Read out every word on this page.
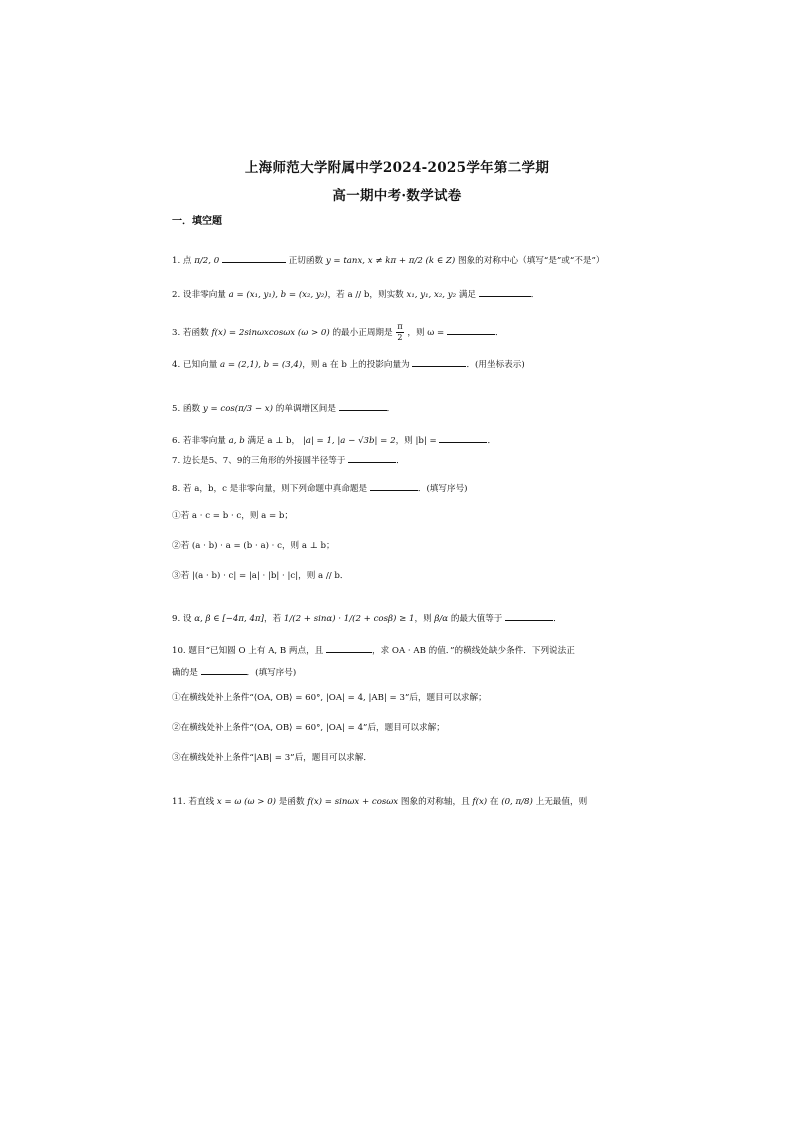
上海师范大学附属中学2024-2025学年第二学期
高一期中考·数学试卷
一．填空题
1. 点 π/2, 0	正切函数 y = tanx, x ≠ kπ + π/2 (k ∈ Z) 图象的对称中心（填写“是”或“不是”）
2. 设非零向量 a = (x₁, y₁), b = (x₂, y₂)，若 a // b，则实数 x₁, y₁, x₂, y₂ 满足	．
3. 若函数 f(x) = 2sinωxcosωx (ω > 0) 的最小正周期是 $\frac{\pi}{2}$ ，则 ω =	．
4. 已知向量 a = (2,1), b = (3,4)，则 a 在 b 上的投影向量为	．(用坐标表示)
5. 函数 y = cos(π/3 − x) 的单调增区间是	．
6. 若非零向量 a, b 满足 a ⊥ b， |a| = 1, |a − √3b| = 2，则 |b| =	．
7. 边长是5、7、9的三角形的外接圆半径等于	．
8. 若 a，b，c 是非零向量，则下列命题中真命题是	．(填写序号)
①若 a · c = b · c，则 a = b；
②若 (a · b) · a = (b · a) · c，则 a ⊥ b；
③若 |(a · b) · c| = |a| · |b| · |c|，则 a // b．
9. 设 α, β ∈ [−4π, 4π]，若 1/(2 + sinα) · 1/(2 + cosβ) ≥ 1，则 β/α 的最大值等于	．
10. 题目“已知圆 O 上有 A, B 两点，且	，求 OA · AB 的值．”的横线处缺少条件．下列说法正
确的是	．(填写序号)
①在横线处补上条件“⟨OA, OB⟩ = 60°, |OA| = 4, |AB| = 3”后，题目可以求解；
②在横线处补上条件“⟨OA, OB⟩ = 60°, |OA| = 4”后，题目可以求解；
③在横线处补上条件“|AB| = 3”后，题目可以求解．
11. 若直线 x = ω (ω > 0) 是函数 f(x) = sinωx + cosωx 图象的对称轴，且 f(x) 在 (0, π/8) 上无最值，则
